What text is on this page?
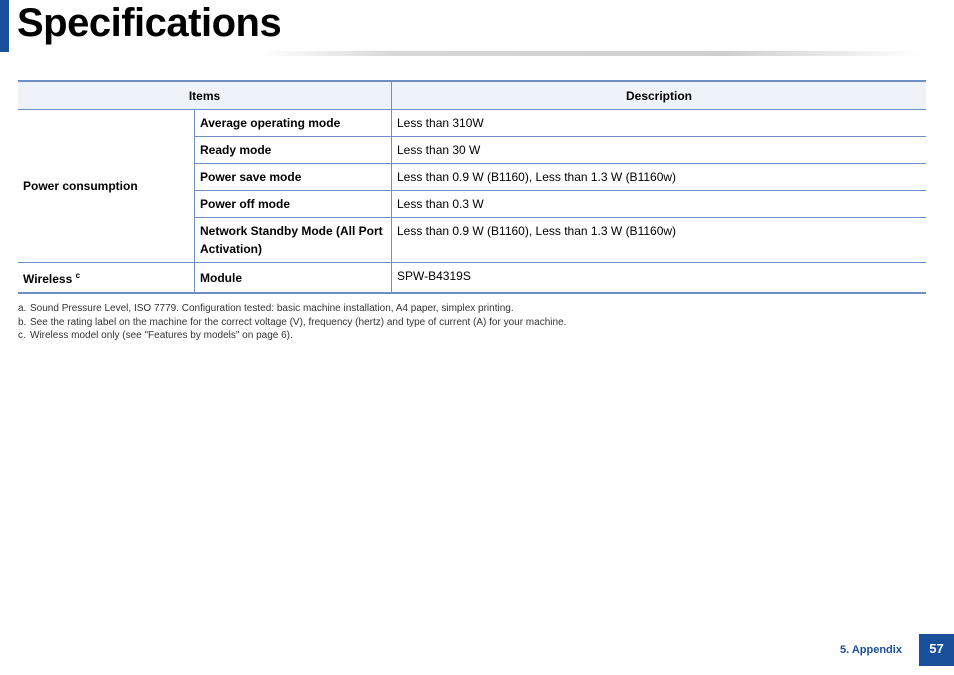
Specifications
Items		Description
Power consumption	Average operating mode	Less than 310W
	Ready mode	Less than 30 W
	Power save mode	Less than 0.9 W (B1160), Less than 1.3 W (B1160w)
	Power off mode	Less than 0.3 W
	Network Standby Mode (All Port Activation)	Less than 0.9 W (B1160), Less than 1.3 W (B1160w)
Wireless $^c$	Module	SPW-B4319S
a. Sound Pressure Level, ISO 7779. Configuration tested: basic machine installation, A4 paper, simplex printing.
b. See the rating label on the machine for the correct voltage (V), frequency (hertz) and type of current (A) for your machine.
c. Wireless model only (see "Features by models" on page 6).
5. Appendix	57
